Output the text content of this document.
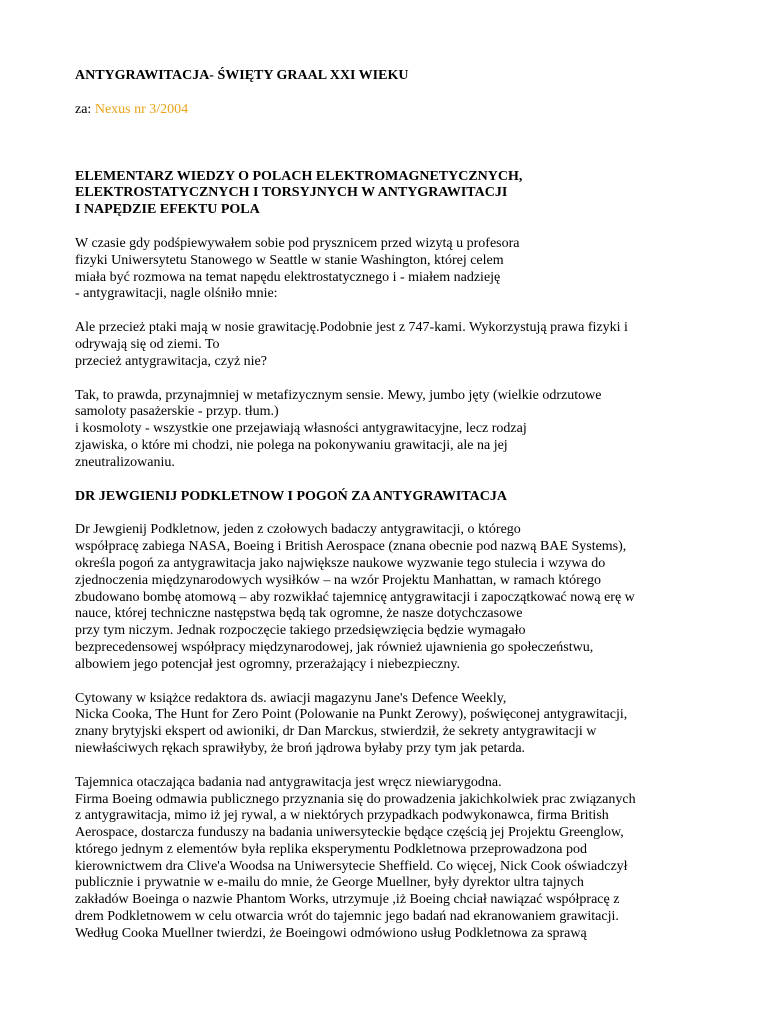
ANTYGRAWITACJA- ŚWIĘTY GRAAL XXI WIEKU
za: Nexus nr 3/2004
ELEMENTARZ WIEDZY O POLACH ELEKTROMAGNETYCZNYCH,
ELEKTROSTATYCZNYCH I TORSYJNYCH W ANTYGRAWITACJI
I NAPĘDZIE EFEKTU POLA
W czasie gdy podśpiewywałem sobie pod prysznicem przed wizytą u profesora
fizyki Uniwersytetu Stanowego w Seattle w stanie Washington, której celem
miała być rozmowa na temat napędu elektrostatycznego i - miałem nadzieję
- antygrawitacji, nagle olśniło mnie:
Ale przecież ptaki mają w nosie grawitację.Podobnie jest z 747-kami. Wykorzystują prawa fizyki i
odrywają się od ziemi. To
przecież antygrawitacja, czyż nie?
Tak, to prawda, przynajmniej w metafizycznym sensie. Mewy, jumbo jęty (wielkie odrzutowe
samoloty pasażerskie - przyp. tłum.)
i kosmoloty - wszystkie one przejawiają własności antygrawitacyjne, lecz rodzaj
zjawiska, o które mi chodzi, nie polega na pokonywaniu grawitacji, ale na jej
zneutralizowaniu.
DR JEWGIENIJ PODKLETNOW I POGOŃ ZA ANTYGRAWITACJA
Dr Jewgienij Podkletnow, jeden z czołowych badaczy antygrawitacji, o którego
współpracę zabiega NASA, Boeing i British Aerospace (znana obecnie pod nazwą BAE Systems),
określa pogoń za antygrawitacja jako największe naukowe wyzwanie tego stulecia i wzywa do
zjednoczenia międzynarodowych wysiłków – na wzór Projektu Manhattan, w ramach którego
zbudowano bombę atomową – aby rozwikłać tajemnicę antygrawitacji i zapoczątkować nową erę w
nauce, której techniczne następstwa będą tak ogromne, że nasze dotychczasowe
przy tym niczym. Jednak rozpoczęcie takiego przedsięwzięcia będzie wymagało
bezprecedensowej współpracy międzynarodowej, jak również ujawnienia go społeczeństwu,
albowiem jego potencjał jest ogromny, przerażający i niebezpieczny.
Cytowany w książce redaktora ds. awiacji magazynu Jane's Defence Weekly,
Nicka Cooka, The Hunt for Zero Point (Polowanie na Punkt Zerowy), poświęconej antygrawitacji,
znany brytyjski ekspert od awioniki, dr Dan Marckus, stwierdził, że sekrety antygrawitacji w
niewłaściwych rękach sprawiłyby, że broń jądrowa byłaby przy tym jak petarda.
Tajemnica otaczająca badania nad antygrawitacja jest wręcz niewiarygodna.
Firma Boeing odmawia publicznego przyznania się do prowadzenia jakichkolwiek prac związanych
z antygrawitacja, mimo iż jej rywal, a w niektórych przypadkach podwykonawca, firma British
Aerospace, dostarcza funduszy na badania uniwersyteckie będące częścią jej Projektu Greenglow,
którego jednym z elementów była replika eksperymentu Podkletnowa przeprowadzona pod
kierownictwem dra Clive'a Woodsa na Uniwersytecie Sheffield. Co więcej, Nick Cook oświadczył
publicznie i prywatnie w e-mailu do mnie, że George Muellner, były dyrektor ultra tajnych
zakładów Boeinga o nazwie Phantom Works, utrzymuje ,iż Boeing chciał nawiązać współpracę z
drem Podkletnowem w celu otwarcia wrót do tajemnic jego badań nad ekranowaniem grawitacji.
Według Cooka Muellner twierdzi, że Boeingowi odmówiono usług Podkletnowa za sprawą
